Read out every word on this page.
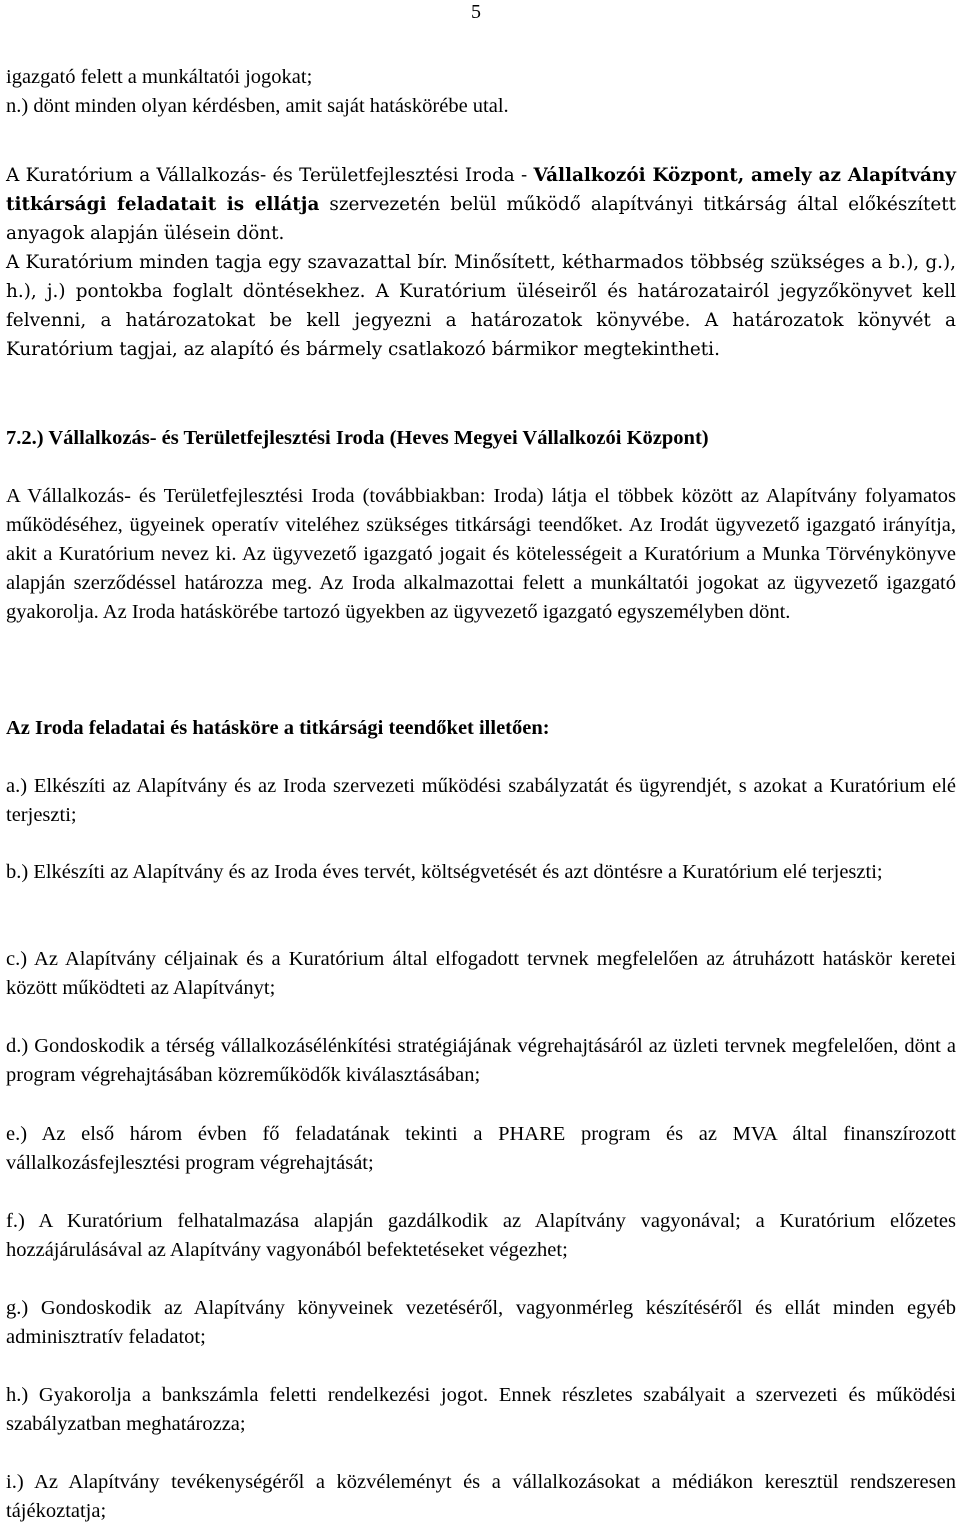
5

igazgató felett a munkáltatói jogokat;

n.) dönt minden olyan kérdésben, amit saját hatáskörébe utal.

A Kuratórium a Vállalkozás- és Területfejlesztési Iroda - Vállalkozói Központ, amely az Alapítvány titkársági feladatait is ellátja szervezetén belül működő alapítványi titkárság által előkészített anyagok alapján ülésein dönt.

A Kuratórium minden tagja egy szavazattal bír. Minősített, kétharmados többség szükséges a b.), g.), h.), j.) pontokba foglalt döntésekhez. A Kuratórium üléseiről és határozatairól jegyzőkönyvet kell felvenni, a határozatokat be kell jegyezni a határozatok könyvébe. A határozatok könyvét a Kuratórium tagjai, az alapító és bármely csatlakozó bármikor megtekintheti.

7.2.) Vállalkozás- és Területfejlesztési Iroda (Heves Megyei Vállalkozói Központ)

A Vállalkozás- és Területfejlesztési Iroda (továbbiakban: Iroda) látja el többek között az Alapítvány folyamatos működéséhez, ügyeinek operatív viteléhez szükséges titkársági teendőket. Az Irodát ügyvezető igazgató irányítja, akit a Kuratórium nevez ki. Az ügyvezető igazgató jogait és kötelességeit a Kuratórium a Munka Törvénykönyve alapján szerződéssel határozza meg. Az Iroda alkalmazottai felett a munkáltatói jogokat az ügyvezető igazgató gyakorolja. Az Iroda hatáskörébe tartozó ügyekben az ügyvezető igazgató egyszemélyben dönt.

Az Iroda feladatai és hatásköre a titkársági teendőket illetően:

a.) Elkészíti az Alapítvány és az Iroda szervezeti működési szabályzatát és ügyrendjét, s azokat a Kuratórium elé terjeszti;

b.) Elkészíti az Alapítvány és az Iroda éves tervét, költségvetését és azt döntésre a Kuratórium elé terjeszti;

c.) Az Alapítvány céljainak és a Kuratórium által elfogadott tervnek megfelelően az átruházott hatáskör keretei között működteti az Alapítványt;

d.) Gondoskodik a térség vállalkozásélénkítési stratégiájának végrehajtásáról az üzleti tervnek megfelelően, dönt a program végrehajtásában közreműködők kiválasztásában;

e.) Az első három évben fő feladatának tekinti a PHARE program és az MVA által finanszírozott vállalkozásfejlesztési program végrehajtását;

f.) A Kuratórium felhatalmazása alapján gazdálkodik az Alapítvány vagyonával; a Kuratórium előzetes hozzájárulásával az Alapítvány vagyonából befektetéseket végezhet;

g.) Gondoskodik az Alapítvány könyveinek vezetéséről, vagyonmérleg készítéséről és ellát minden egyéb adminisztratív feladatot;

h.) Gyakorolja a bankszámla feletti rendelkezési jogot. Ennek részletes szabályait a szervezeti és működési szabályzatban meghatározza;

i.) Az Alapítvány tevékenységéről a közvéleményt és a vállalkozásokat a médiákon keresztül rendszeresen tájékoztatja;
